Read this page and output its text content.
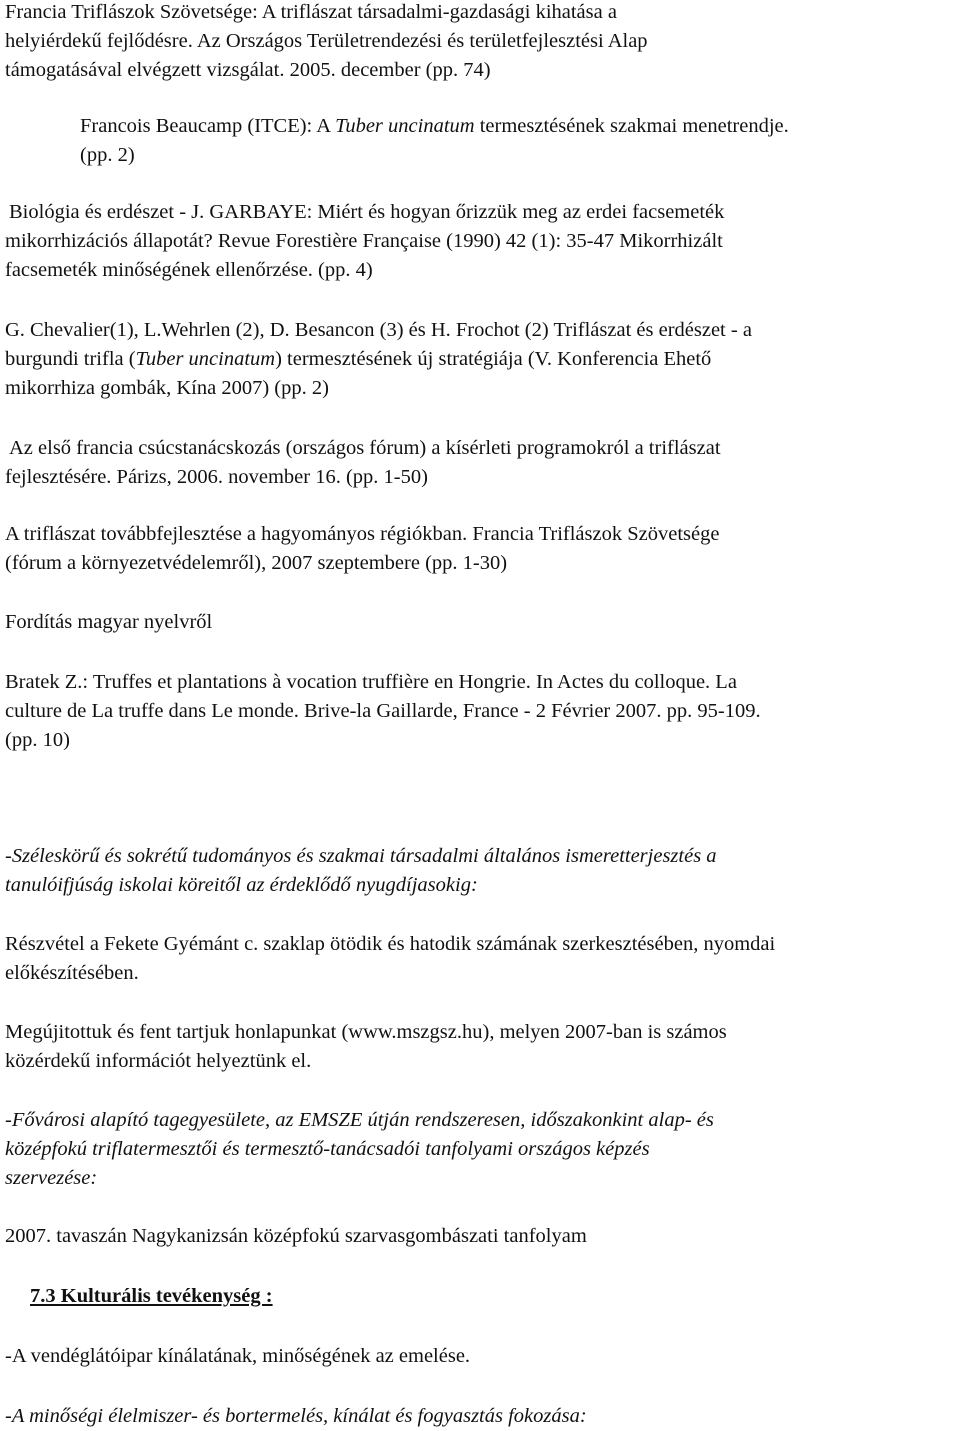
Francia Triflászok Szövetsége: A triflászat társadalmi-gazdasági kihatása a
helyiérdekű fejlődésre. Az Országos Területrendezési és területfejlesztési Alap
támogatásával elvégzett vizsgálat. 2005. december (pp. 74)

Francois Beaucamp (ITCE): A Tuber uncinatum termesztésének szakmai menetrendje.
(pp. 2)

Biológia és erdészet - J. GARBAYE: Miért és hogyan őrizzük meg az erdei facsemeték
mikorrhizációs állapotát? Revue Forestière Française (1990) 42 (1): 35-47 Mikorrhizált
facsemeték minőségének ellenőrzése. (pp. 4)

G. Chevalier(1), L.Wehrlen (2), D. Besancon (3) és H. Frochot (2) Triflászat és erdészet - a
burgundi trifla (Tuber uncinatum) termesztésének új stratégiája (V. Konferencia Ehető
mikorrhiza gombák, Kína 2007) (pp. 2)

Az első francia csúcstanácskozás (országos fórum) a kísérleti programokról a triflászat
fejlesztésére. Párizs, 2006. november 16. (pp. 1-50)

A triflászat továbbfejlesztése a hagyományos régiókban. Francia Triflászok Szövetsége
(fórum a környezetvédelemről), 2007 szeptembere (pp. 1-30)

Fordítás magyar nyelvről

Bratek Z.: Truffes et plantations à vocation truffière en Hongrie. In Actes du colloque. La
culture de La truffe dans Le monde. Brive-la Gaillarde, France - 2 Février 2007. pp. 95-109.
(pp. 10)

-Széleskörű és sokrétű tudományos és szakmai társadalmi általános ismeretterjesztés a
tanulóifjúság iskolai köreitől az érdeklődő nyugdíjasokig:

Részvétel a Fekete Gyémánt c. szaklap ötödik és hatodik számának szerkesztésében, nyomdai
előkészítésében.

Megújitottuk és fent tartjuk honlapunkat (www.mszgsz.hu), melyen 2007-ban is számos
közérdekű információt helyeztünk el.

-Fővárosi alapító tagegyesülete, az EMSZE útján rendszeresen, időszakonkint alap- és
középfokú triflatermesztői és termesztő-tanácsadói tanfolyami országos képzés
szervezése:

2007. tavaszán Nagykanizsán középfokú szarvasgombászati tanfolyam

7.3 Kulturális tevékenység :

-A vendéglátóipar kínálatának, minőségének az emelése.

-A minőségi élelmiszer- és bortermelés, kínálat és fogyasztás fokozása:
